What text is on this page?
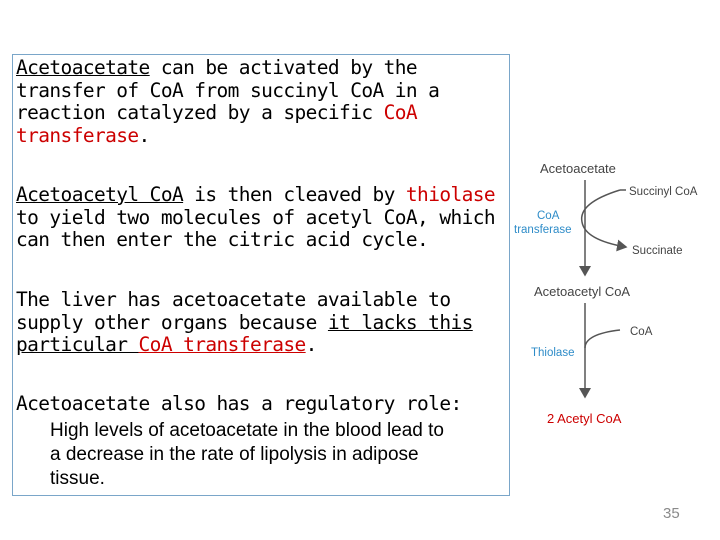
Acetoacetate can be activated by the
transfer of CoA from succinyl CoA in a
reaction catalyzed by a specific CoA
transferase.
Acetoacetyl CoA is then cleaved by thiolase
to yield two molecules of acetyl CoA, which
can then enter the citric acid cycle.
The liver has acetoacetate available to
supply other organs because it lacks this
particular CoA transferase.
Acetoacetate also has a regulatory role:
High levels of acetoacetate in the blood lead to
a decrease in the rate of lipolysis in adipose
tissue.
Acetoacetate
Succinyl CoA
CoA
transferase
Succinate
Acetoacetyl CoA
CoA
Thiolase
2 Acetyl CoA
35
